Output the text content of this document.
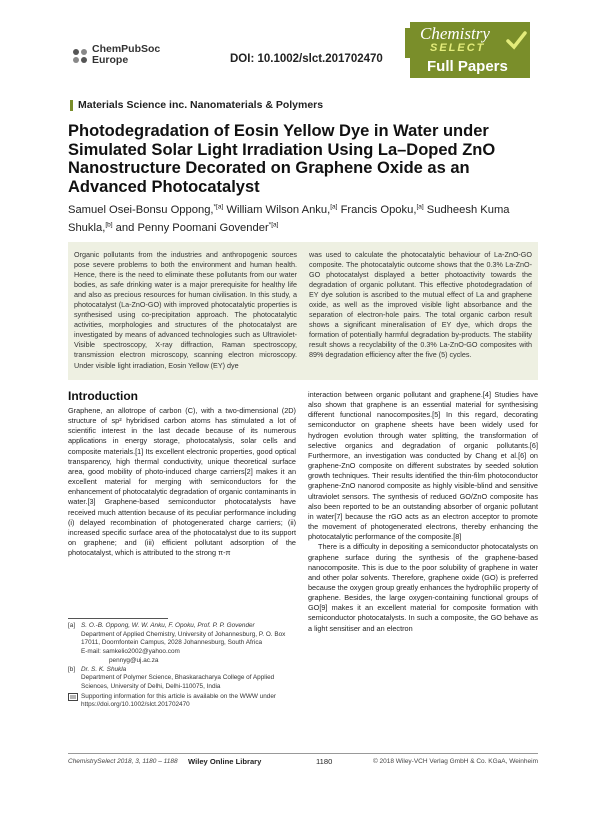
ChemPubSoc
Europe	DOI: 10.1002/slct.201702470
Chemistry
SELECT
Full Papers
Materials Science inc. Nanomaterials & Polymers
Photodegradation of Eosin Yellow Dye in Water under Simulated Solar Light Irradiation Using La–Doped ZnO Nanostructure Decorated on Graphene Oxide as an Advanced Photocatalyst
Samuel Osei-Bonsu Oppong,$^{*[a]}$ William Wilson Anku,[a] Francis Opoku,[a] Sudheesh Kuma Shukla,[b] and Penny Poomani Govender$^{*[a]}$

Organic pollutants from the industries and anthropogenic sources pose severe problems to both the environment and human health. Hence, there is the need to eliminate these pollutants from our water bodies, as safe drinking water is a major prerequisite for healthy life and also as precious resources for human civilisation. In this study, a photocatalyst (La-ZnO-GO) with improved photocatalytic properties is synthesised using co-precipitation approach. The photocatalytic activities, morphologies and structures of the photocatalyst are investigated by means of advanced technologies such as Ultraviolet-Visible spectroscopy, X-ray diffraction, Raman spectroscopy, transmission electron microscopy, scanning electron microscopy. Under visible light irradiation, Eosin Yellow (EY) dye

was used to calculate the photocatalytic behaviour of La-ZnO-GO composite. The photocatalytic outcome shows that the 0.3% La-ZnO-GO photocatalyst displayed a better photoactivity towards the degradation of organic pollutant. This effective photodegradation of EY dye solution is ascribed to the mutual effect of La and graphene oxide, as well as the improved visible light absorbance and the separation of electron-hole pairs. The total organic carbon result shows a significant mineralisation of EY dye, which drops the formation of potentially harmful degradation by-products. The stability result shows a recyclability of the 0.3% La-ZnO-GO composites with 89% degradation efficiency after the five (5) cycles.

Introduction

Graphene, an allotrope of carbon (C), with a two-dimensional (2D) structure of sp² hybridised carbon atoms has stimulated a lot of scientific interest in the last decade because of its numerous applications in energy storage, photocatalysis, solar cells and composite materials.[1] Its excellent electronic properties, good optical transparency, high thermal conductivity, unique theoretical surface area, good mobility of photo-induced charge carriers[2] makes it an excellent material for merging with semiconductors for the enhancement of photocatalytic degradation of organic contaminants in water.[3] Graphene-based semiconductor photocatalysts have received much attention because of its peculiar performance including (i) delayed recombination of photogenerated charge carriers; (ii) increased specific surface area of the photocatalyst due to its support on graphene; and (iii) efficient pollutant adsorption of the photocatalyst, which is attributed to the strong π-π

interaction between organic pollutant and graphene.[4] Studies have also shown that graphene is an essential material for synthesising different functional nanocomposites.[5] In this regard, decorating semiconductor on graphene sheets have been widely used for hydrogen evolution through water splitting, the transformation of selective organics and degradation of organic pollutants.[6] Furthermore, an investigation was conducted by Chang et al.[6] on graphene-ZnO composite on different substrates by seeded solution growth techniques. Their results identified the thin-film photoconductor graphene-ZnO nanorod composite as highly visible-blind and sensitive ultraviolet sensors. The synthesis of reduced GO/ZnO composite has also been reported to be an outstanding absorber of organic pollutant in water[7] because the rGO acts as an electron acceptor to promote the movement of photogenerated electrons, thereby enhancing the photocatalytic performance of the composite.[8]

There is a difficulty in depositing a semiconductor photocatalysts on graphene surface during the synthesis of the graphene-based nanocomposite. This is due to the poor solubility of graphene in water and other polar solvents. Therefore, graphene oxide (GO) is preferred because the oxygen group greatly enhances the hydrophilic property of graphene. Besides, the large oxygen-containing functional groups of GO[9] makes it an excellent material for composite formation with semiconductor photocatalysts. In such a composite, the GO behave as a light sensitiser and an electron

[a] S. O.-B. Oppong, W. W. Anku, F. Opoku, Prof. P. P. Govender
Department of Applied Chemistry, University of Johannesburg, P. O. Box 17011, Doornfontein Campus, 2028 Johannesburg, South Africa
E-mail: samkelio2002@yahoo.com
pennyg@uj.ac.za
[b] Dr. S. K. Shukla
Department of Polymer Science, Bhaskaracharya College of Applied Sciences, University of Delhi, Delhi-110075, India
Supporting information for this article is available on the WWW under https://doi.org/10.1002/slct.201702470
ChemistrySelect 2018, 3, 1180 – 1188 Wiley Online Library	1180	© 2018 Wiley-VCH Verlag GmbH & Co. KGaA, Weinheim
